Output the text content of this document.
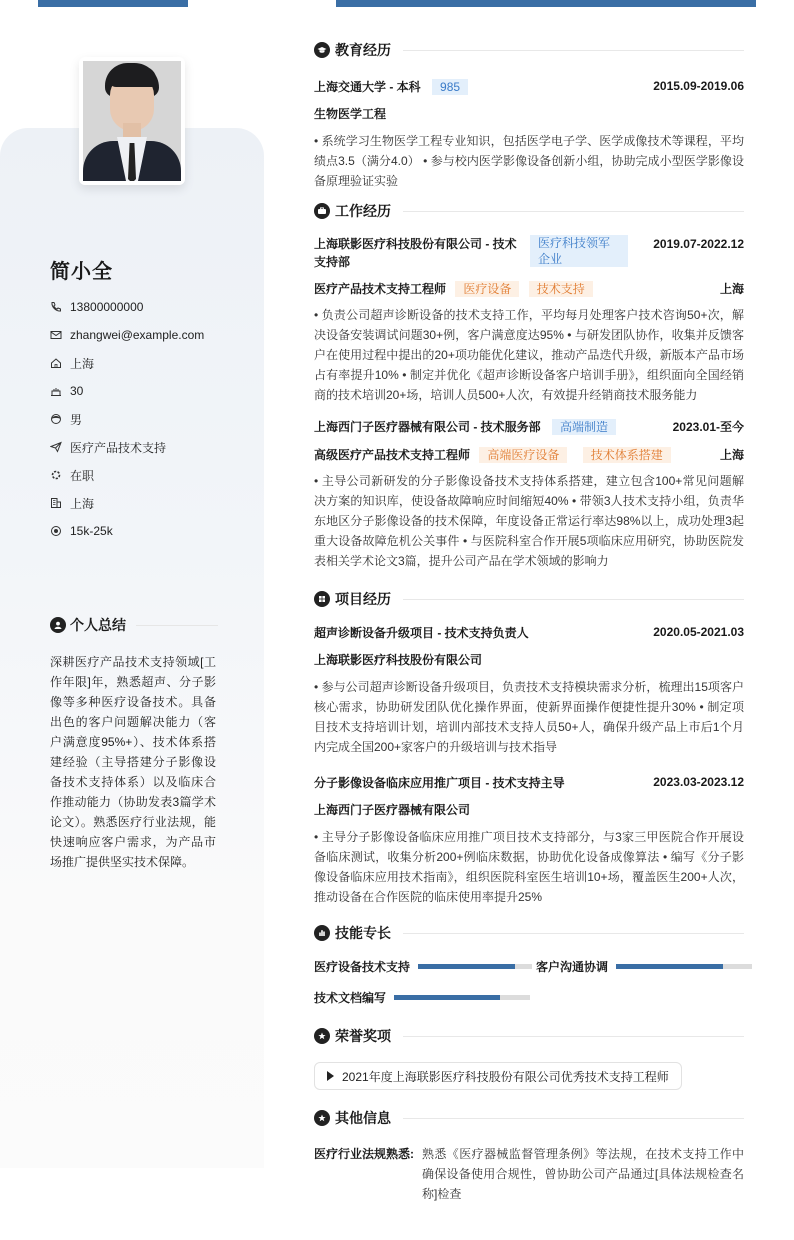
简小全
13800000000
zhangwei@example.com
上海
30
男
医疗产品技术支持
在职
上海
15k-25k
个人总结
深耕医疗产品技术支持领域[工作年限]年，熟悉超声、分子影像等多种医疗设备技术。具备出色的客户问题解决能力（客户满意度95%+）、技术体系搭建经验（主导搭建分子影像设备技术支持体系）以及临床合作推动能力（协助发表3篇学术论文）。熟悉医疗行业法规，能快速响应客户需求，为产品市场推广提供坚实技术保障。
教育经历
上海交通大学 - 本科 985	2015.09-2019.06
生物医学工程
• 系统学习生物医学工程专业知识，包括医学电子学、医学成像技术等课程，平均绩点3.5（满分4.0） • 参与校内医学影像设备创新小组，协助完成小型医学影像设备原理验证实验
工作经历
上海联影医疗科技股份有限公司 - 技术支持部
医疗科技领军企业
2019.07-2022.12
医疗产品技术支持工程师 医疗设备 技术支持	上海
• 负责公司超声诊断设备的技术支持工作，平均每月处理客户技术咨询50+次，解决设备安装调试问题30+例，客户满意度达95% • 与研发团队协作，收集并反馈客户在使用过程中提出的20+项功能优化建议，推动产品迭代升级，新版本产品市场占有率提升10% • 制定并优化《超声诊断设备客户培训手册》，组织面向全国经销商的技术培训20+场，培训人员500+人次，有效提升经销商技术服务能力
上海西门子医疗器械有限公司 - 技术服务部 高端制造	2023.01-至今
高级医疗产品技术支持工程师 高端医疗设备	技术体系搭建	上海
• 主导公司新研发的分子影像设备技术支持体系搭建，建立包含100+常见问题解决方案的知识库，使设备故障响应时间缩短40% • 带领3人技术支持小组，负责华东地区分子影像设备的技术保障，年度设备正常运行率达98%以上，成功处理3起重大设备故障危机公关事件 • 与医院科室合作开展5项临床应用研究，协助医院发表相关学术论文3篇，提升公司产品在学术领域的影响力
项目经历
超声诊断设备升级项目 - 技术支持负责人	2020.05-2021.03
上海联影医疗科技股份有限公司
• 参与公司超声诊断设备升级项目，负责技术支持模块需求分析，梳理出15项客户核心需求，协助研发团队优化操作界面，使新界面操作便捷性提升30% • 制定项目技术支持培训计划，培训内部技术支持人员50+人，确保升级产品上市后1个月内完成全国200+家客户的升级培训与技术指导
分子影像设备临床应用推广项目 - 技术支持主导	2023.03-2023.12
上海西门子医疗器械有限公司
• 主导分子影像设备临床应用推广项目技术支持部分，与3家三甲医院合作开展设备临床测试，收集分析200+例临床数据，协助优化设备成像算法 • 编写《分子影像设备临床应用技术指南》，组织医院科室医生培训10+场，覆盖医生200+人次，推动设备在合作医院的临床使用率提升25%
技能专长
医疗设备技术支持	客户沟通协调
技术文档编写
荣誉奖项
2021年度上海联影医疗科技股份有限公司优秀技术支持工程师
其他信息
医疗行业法规熟悉: 熟悉《医疗器械监督管理条例》等法规，在技术支持工作中确保设备使用合规性，曾协助公司产品通过[具体法规检查名称]检查
